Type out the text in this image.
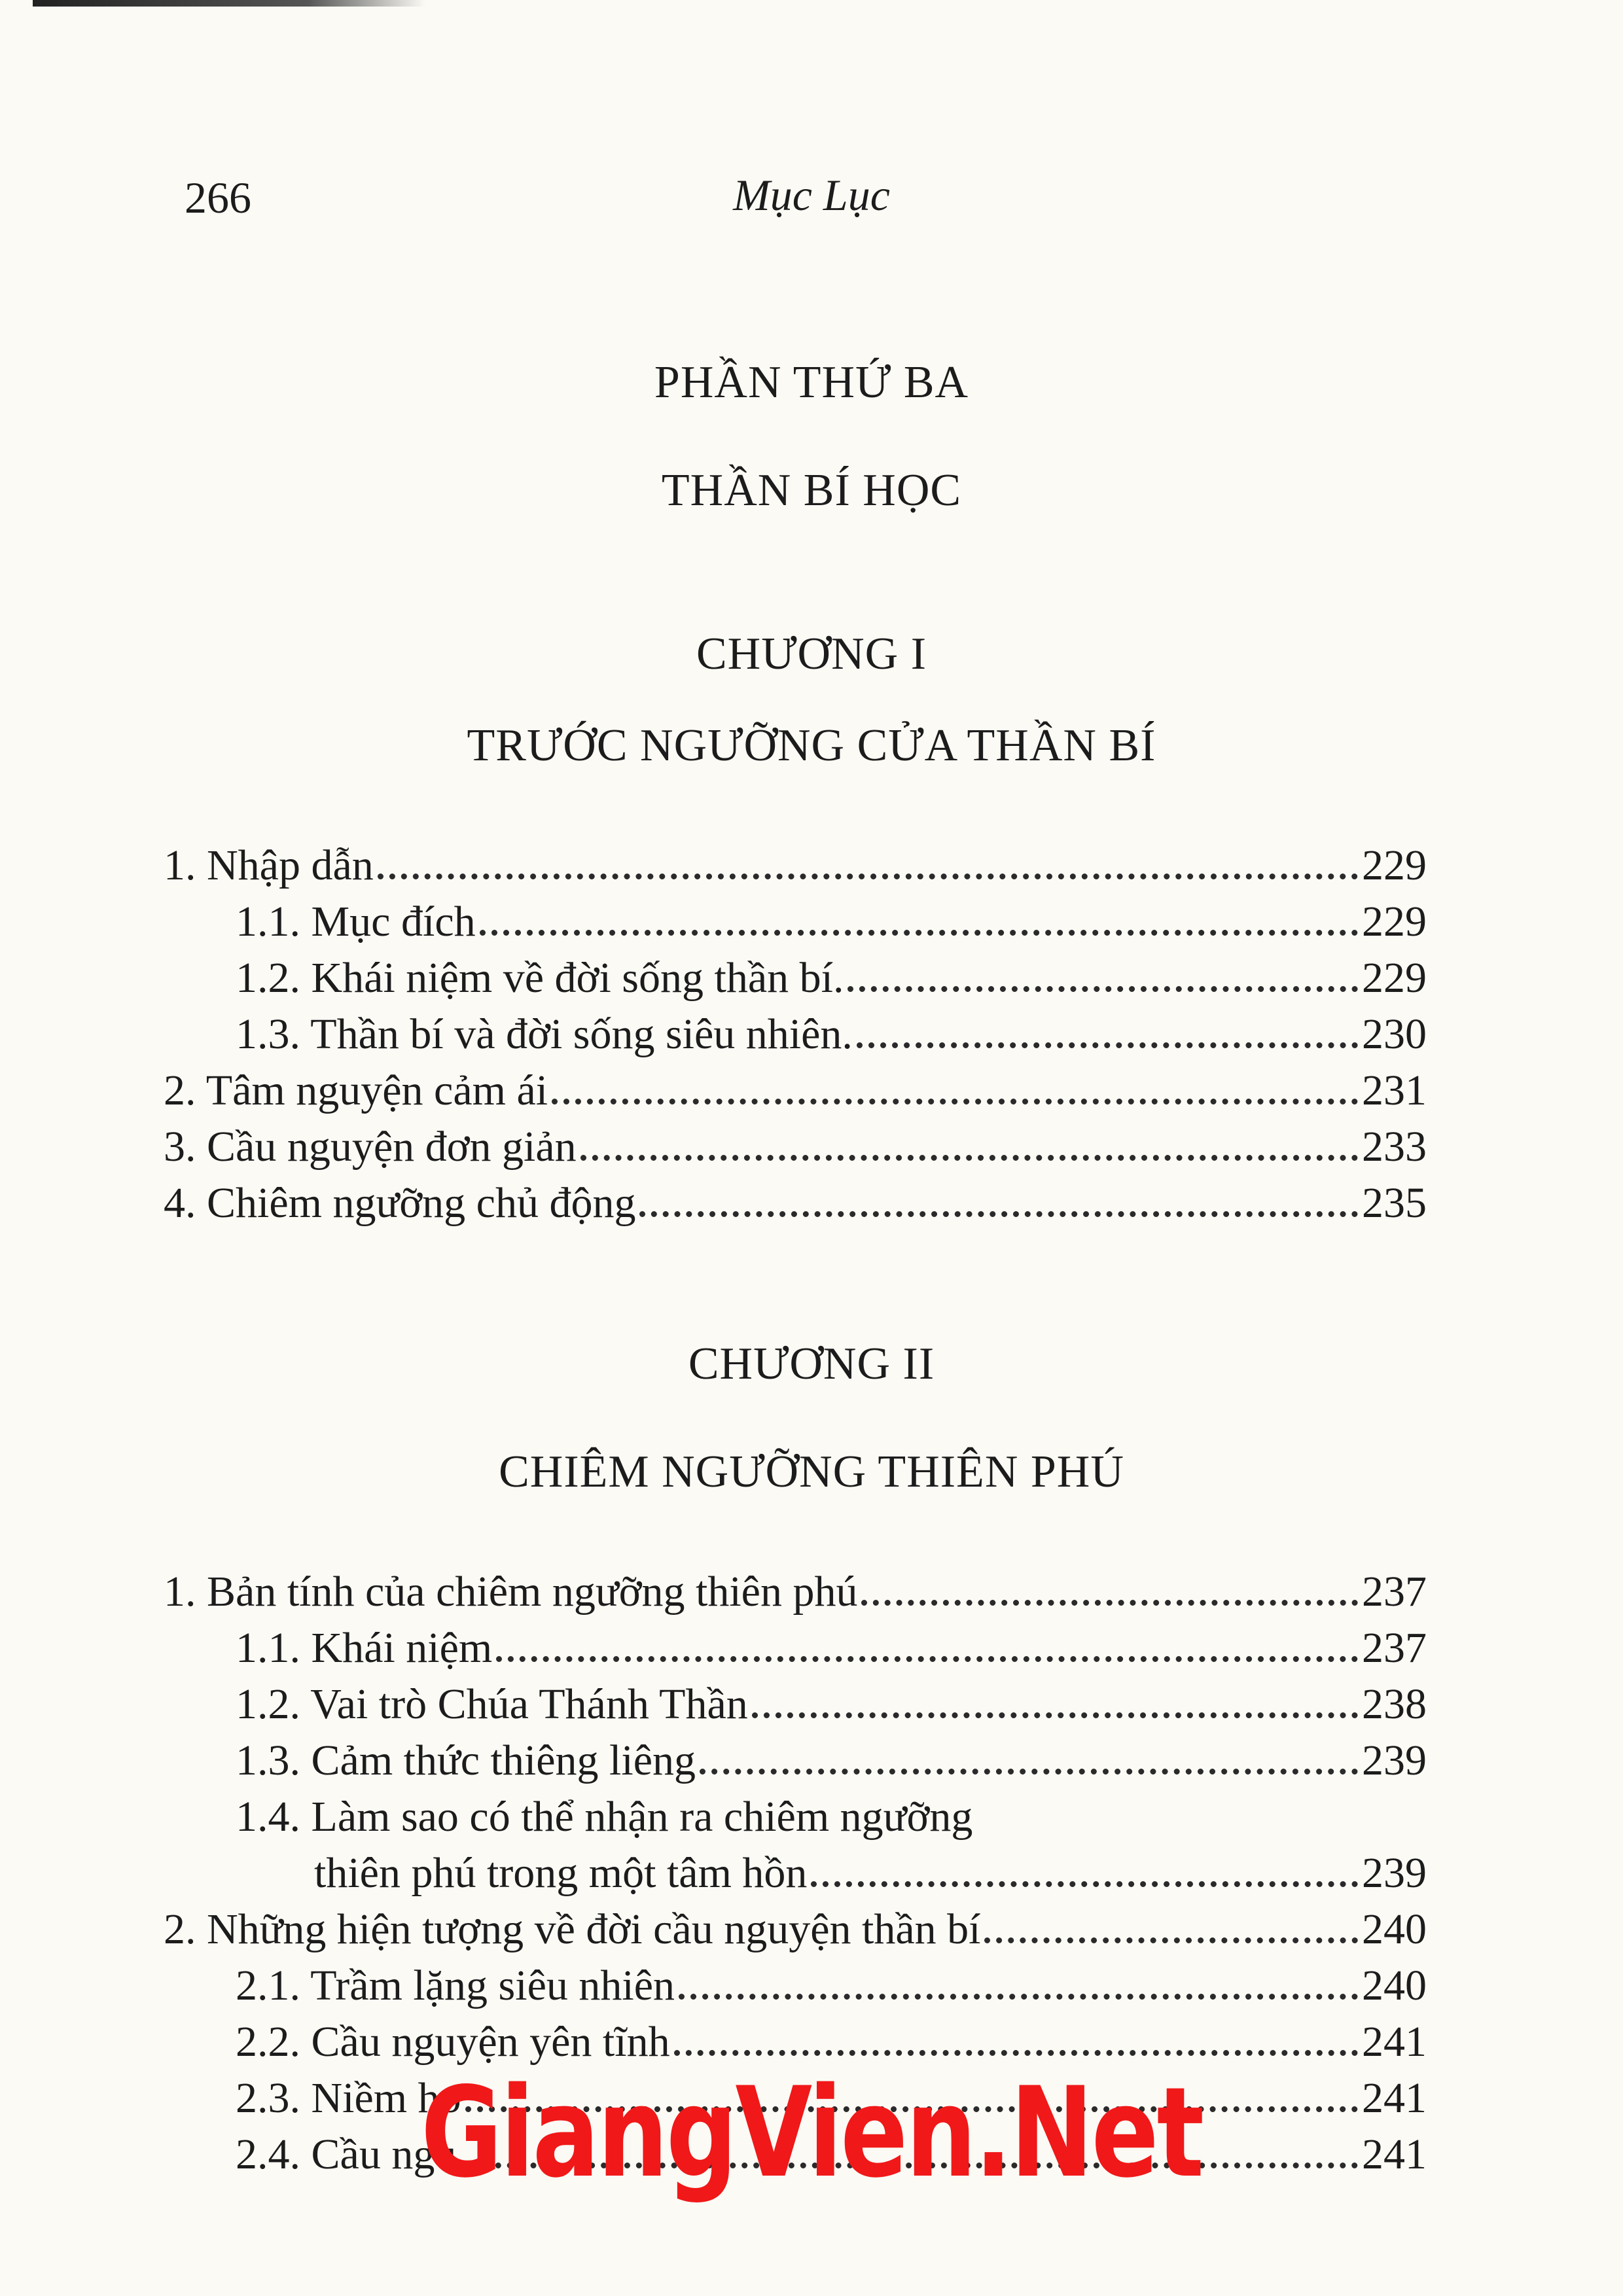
266	Mục Lục
PHẦN THỨ BA
THẦN BÍ HỌC
CHƯƠNG I
TRƯỚC NGƯỠNG CỬA THẦN BÍ
1. Nhập dẫn	229
1.1. Mục đích	229
1.2. Khái niệm về đời sống thần bí.	229
1.3. Thần bí và đời sống siêu nhiên.	230
2. Tâm nguyện cảm ái	231
3. Cầu nguyện đơn giản	233
4. Chiêm ngưỡng chủ động	235
CHƯƠNG II
CHIÊM NGƯỠNG THIÊN PHÚ
1. Bản tính của chiêm ngưỡng thiên phú	237
1.1. Khái niệm	237
1.2. Vai trò Chúa Thánh Thần	238
1.3. Cảm thức thiêng liêng	239
1.4. Làm sao có thể nhận ra chiêm ngưỡng
thiên phú trong một tâm hồn	239
2. Những hiện tượng về đời cầu nguyện thần bí	240
2.1. Trầm lặng siêu nhiên	240
2.2. Cầu nguyện yên tĩnh	241
2.3. Niềm ho	241
2.4. Cầu ngu	241
GiangVien.Net
